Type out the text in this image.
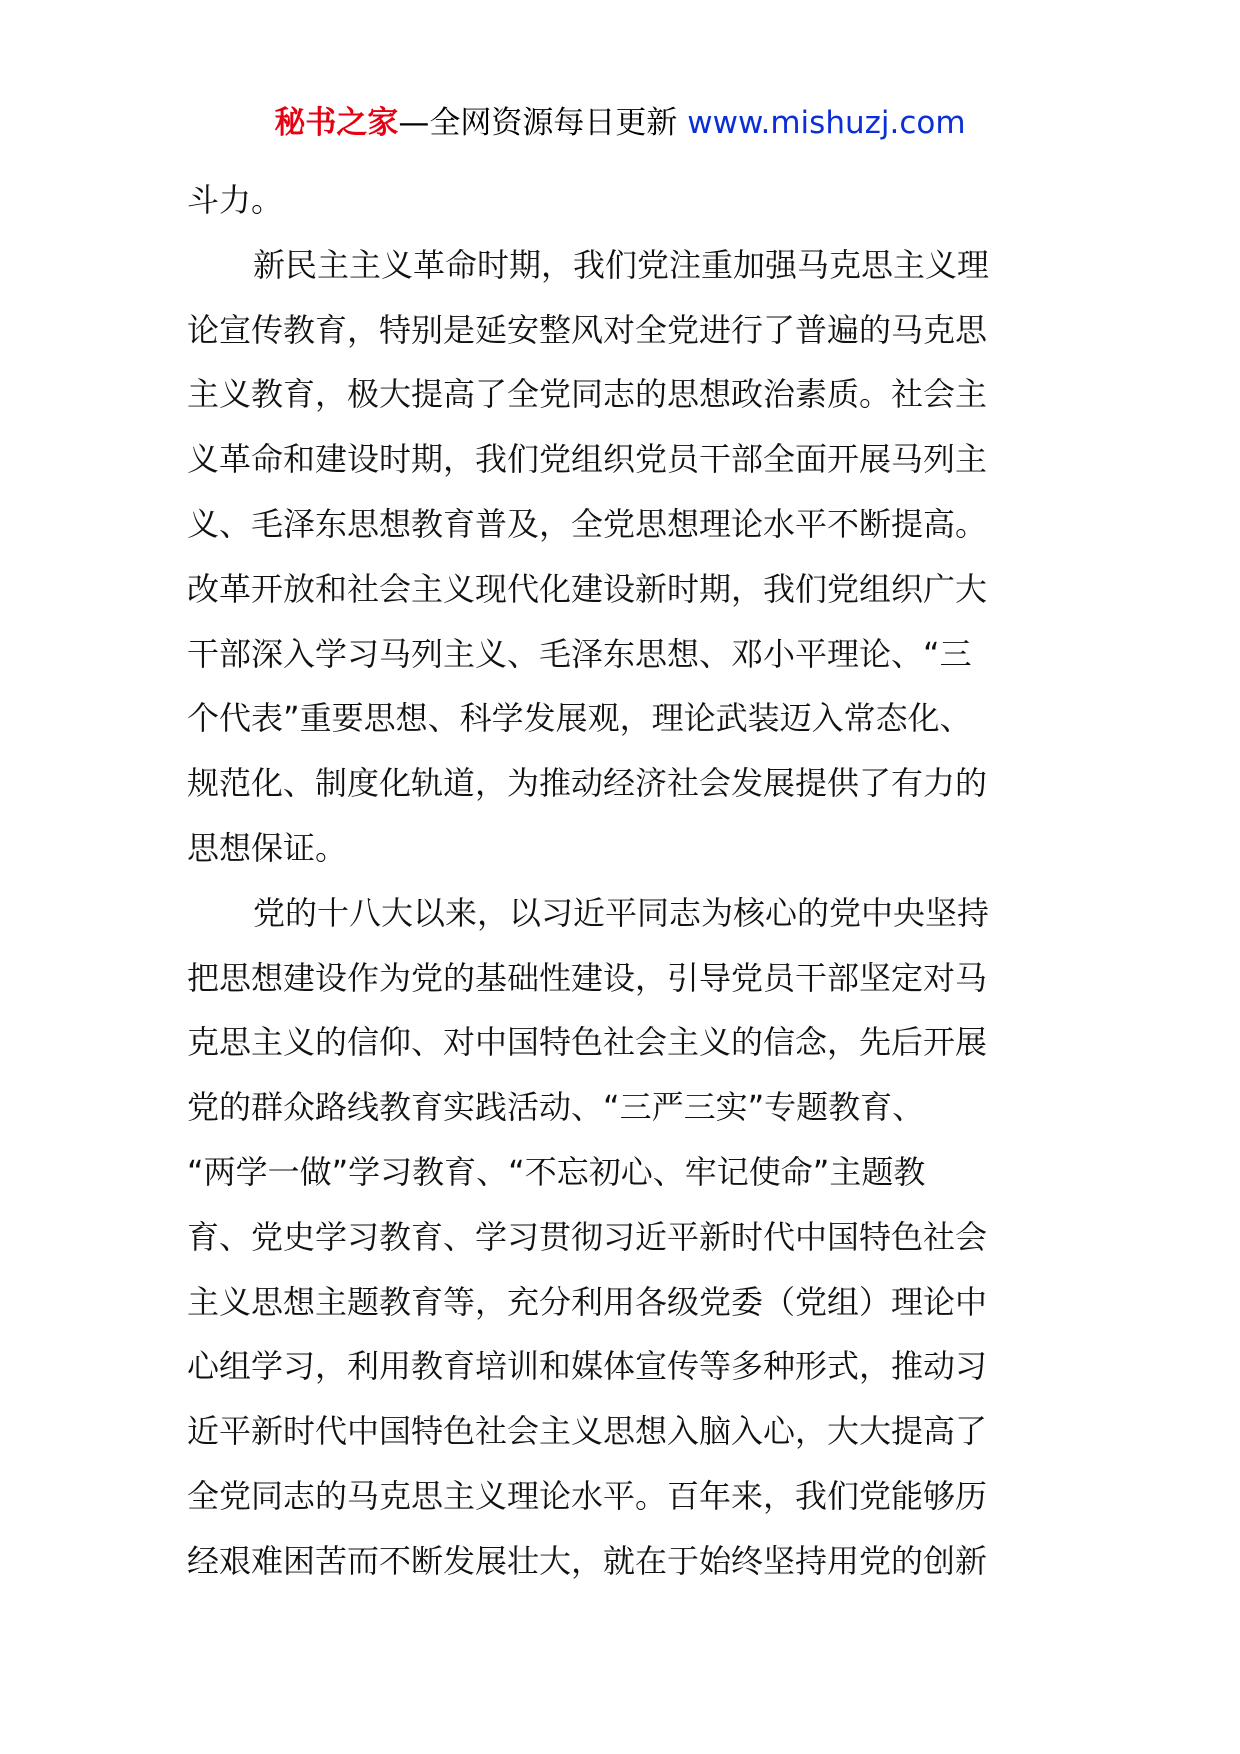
秘书之家—全网资源每日更新 www.mishuzj.com
斗力。
新民主主义革命时期，我们党注重加强马克思主义理
论宣传教育，特别是延安整风对全党进行了普遍的马克思
主义教育，极大提高了全党同志的思想政治素质。社会主
义革命和建设时期，我们党组织党员干部全面开展马列主
义、毛泽东思想教育普及，全党思想理论水平不断提高。
改革开放和社会主义现代化建设新时期，我们党组织广大
干部深入学习马列主义、毛泽东思想、邓小平理论、“三
个代表”重要思想、科学发展观，理论武装迈入常态化、
规范化、制度化轨道，为推动经济社会发展提供了有力的
思想保证。
党的十八大以来，以习近平同志为核心的党中央坚持
把思想建设作为党的基础性建设，引导党员干部坚定对马
克思主义的信仰、对中国特色社会主义的信念，先后开展
党的群众路线教育实践活动、“三严三实”专题教育、
“两学一做”学习教育、“不忘初心、牢记使命”主题教
育、党史学习教育、学习贯彻习近平新时代中国特色社会
主义思想主题教育等，充分利用各级党委（党组）理论中
心组学习，利用教育培训和媒体宣传等多种形式，推动习
近平新时代中国特色社会主义思想入脑入心，大大提高了
全党同志的马克思主义理论水平。百年来，我们党能够历
经艰难困苦而不断发展壮大，就在于始终坚持用党的创新
